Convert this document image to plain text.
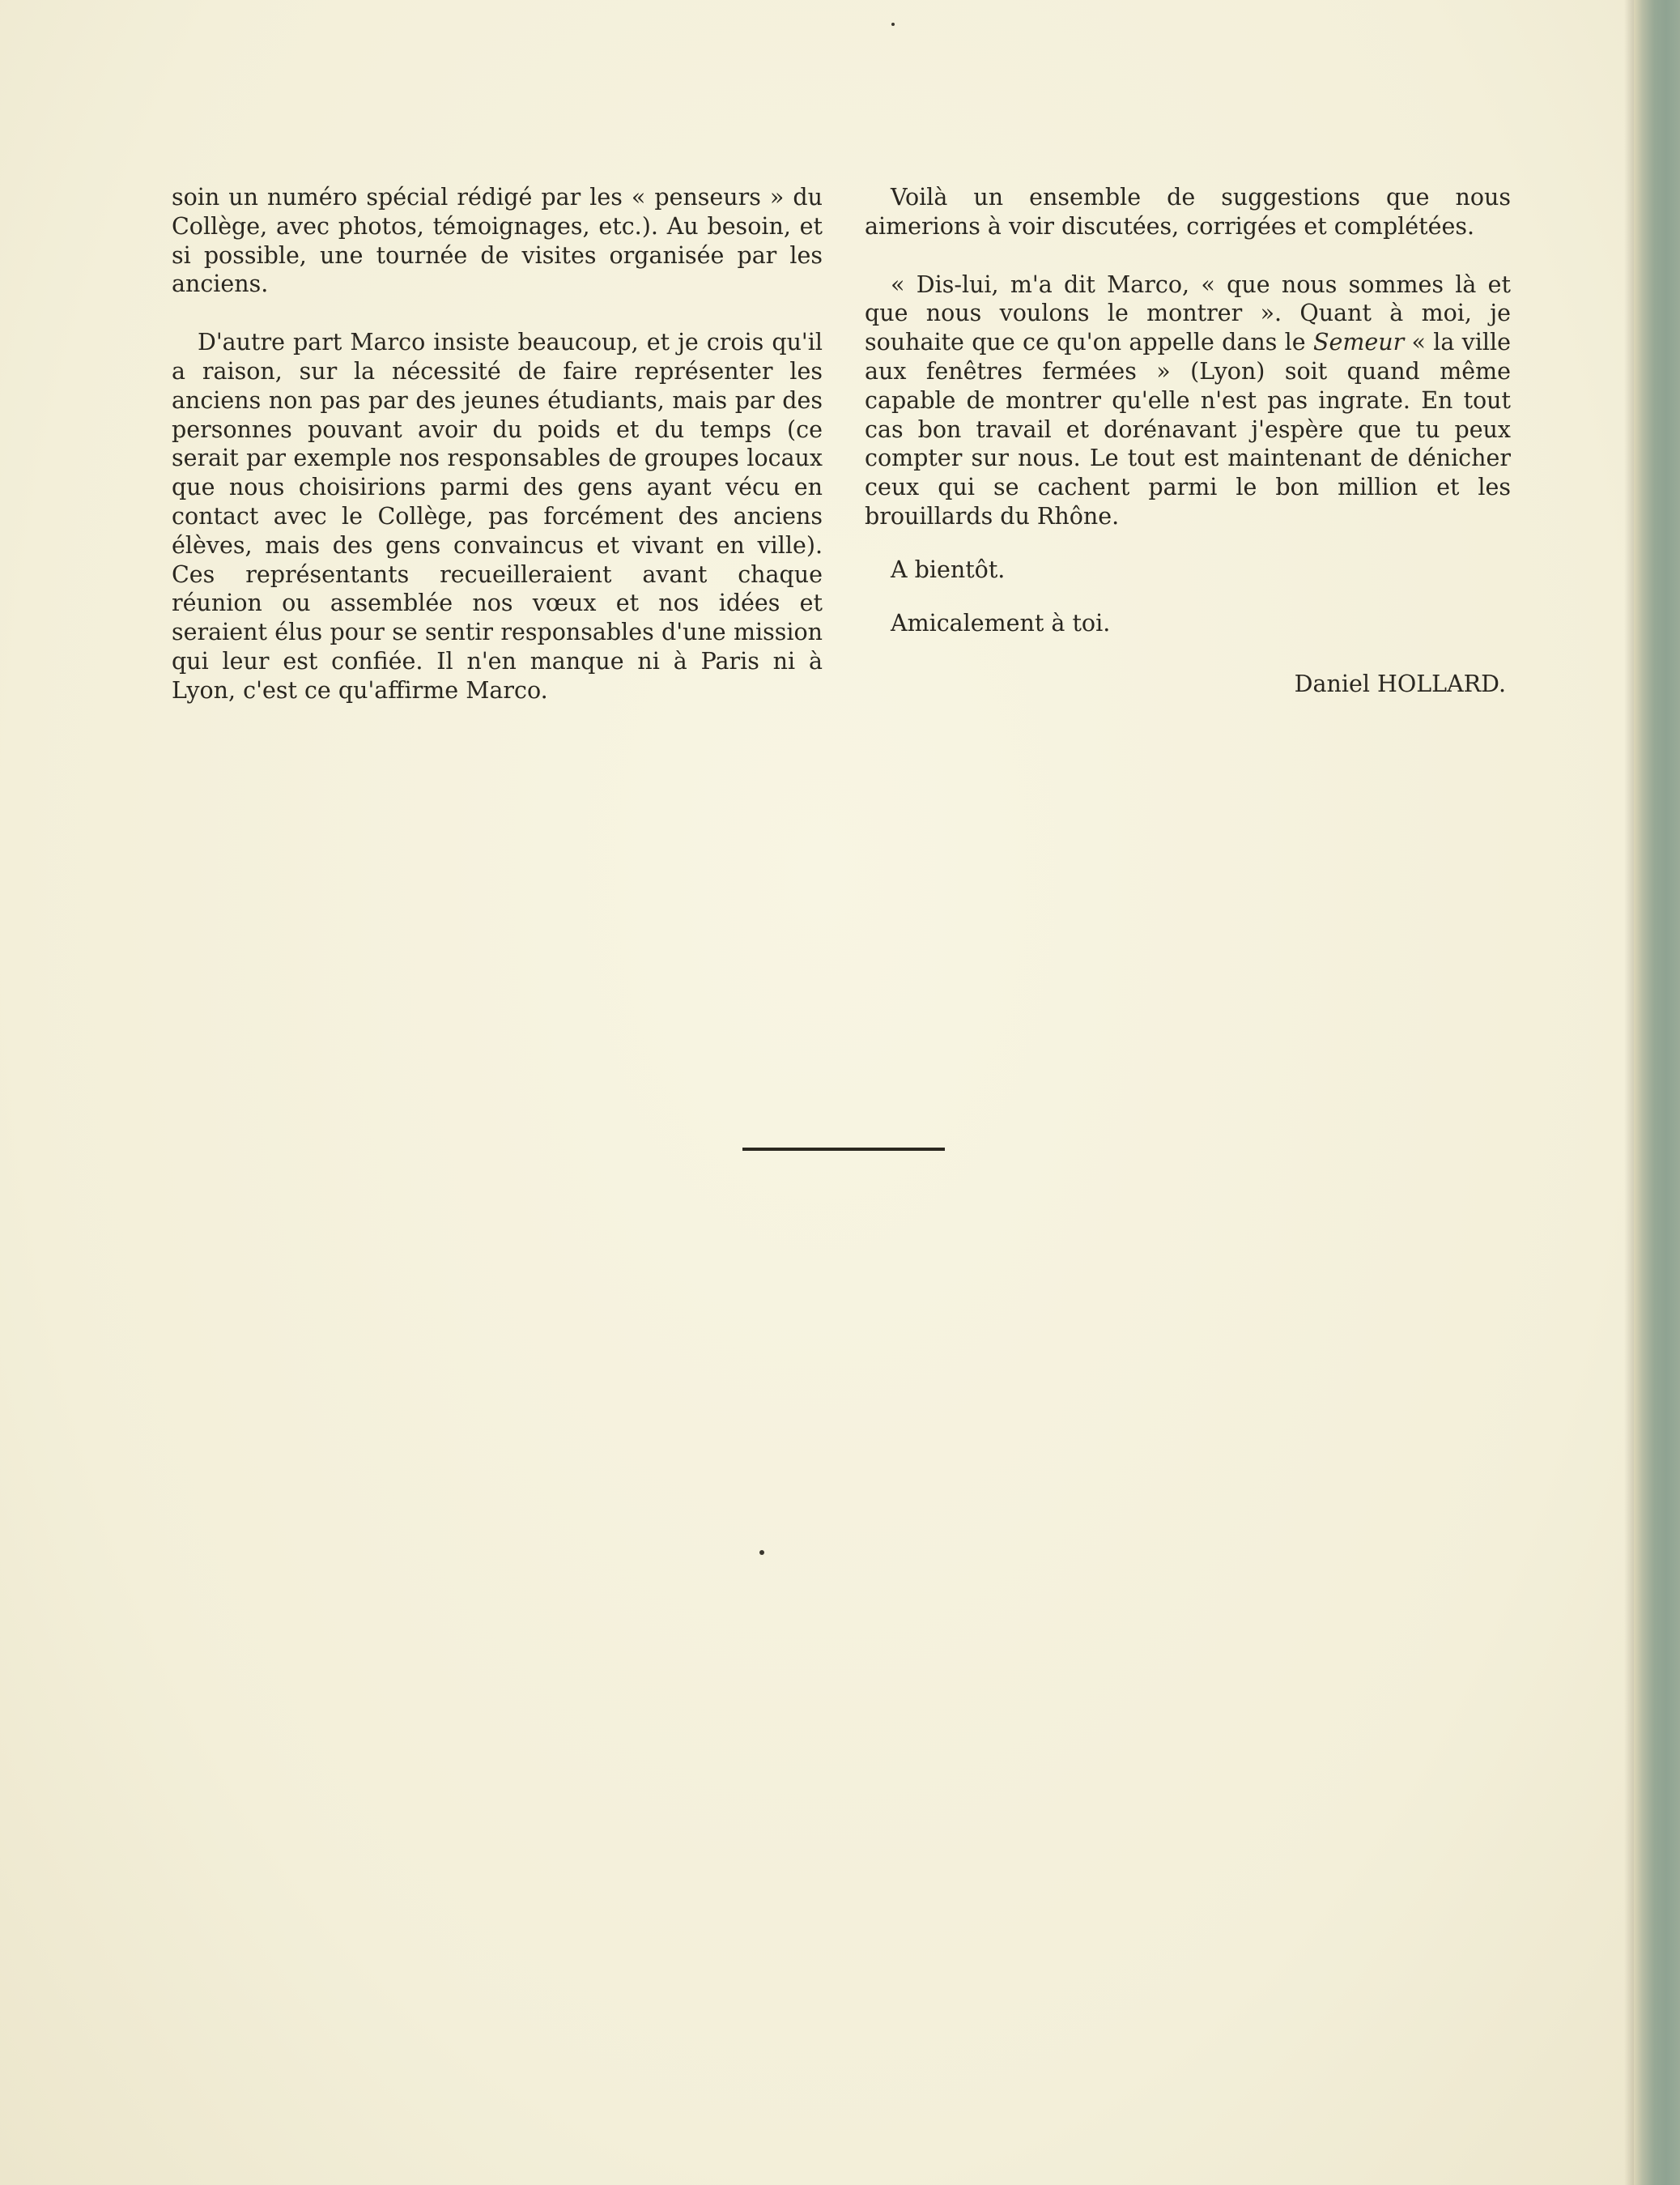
soin un numéro spécial rédigé par les « penseurs » du Collège, avec photos, témoignages, etc.). Au besoin, et si possible, une tournée de visites organisée par les anciens.

D'autre part Marco insiste beaucoup, et je crois qu'il a raison, sur la nécessité de faire représenter les anciens non pas par des jeunes étudiants, mais par des personnes pouvant avoir du poids et du temps (ce serait par exemple nos responsables de groupes locaux que nous choisirions parmi des gens ayant vécu en contact avec le Collège, pas forcément des anciens élèves, mais des gens convaincus et vivant en ville). Ces représentants recueilleraient avant chaque réunion ou assemblée nos vœux et nos idées et seraient élus pour se sentir responsables d'une mission qui leur est confiée. Il n'en manque ni à Paris ni à Lyon, c'est ce qu'affirme Marco.

Voilà un ensemble de suggestions que nous aimerions à voir discutées, corrigées et complétées.

« Dis-lui, m'a dit Marco, « que nous sommes là et que nous voulons le montrer ». Quant à moi, je souhaite que ce qu'on appelle dans le Semeur « la ville aux fenêtres fermées » (Lyon) soit quand même capable de montrer qu'elle n'est pas ingrate. En tout cas bon travail et dorénavant j'espère que tu peux compter sur nous. Le tout est maintenant de dénicher ceux qui se cachent parmi le bon million et les brouillards du Rhône.

A bientôt.

Amicalement à toi.

Daniel HOLLARD.
